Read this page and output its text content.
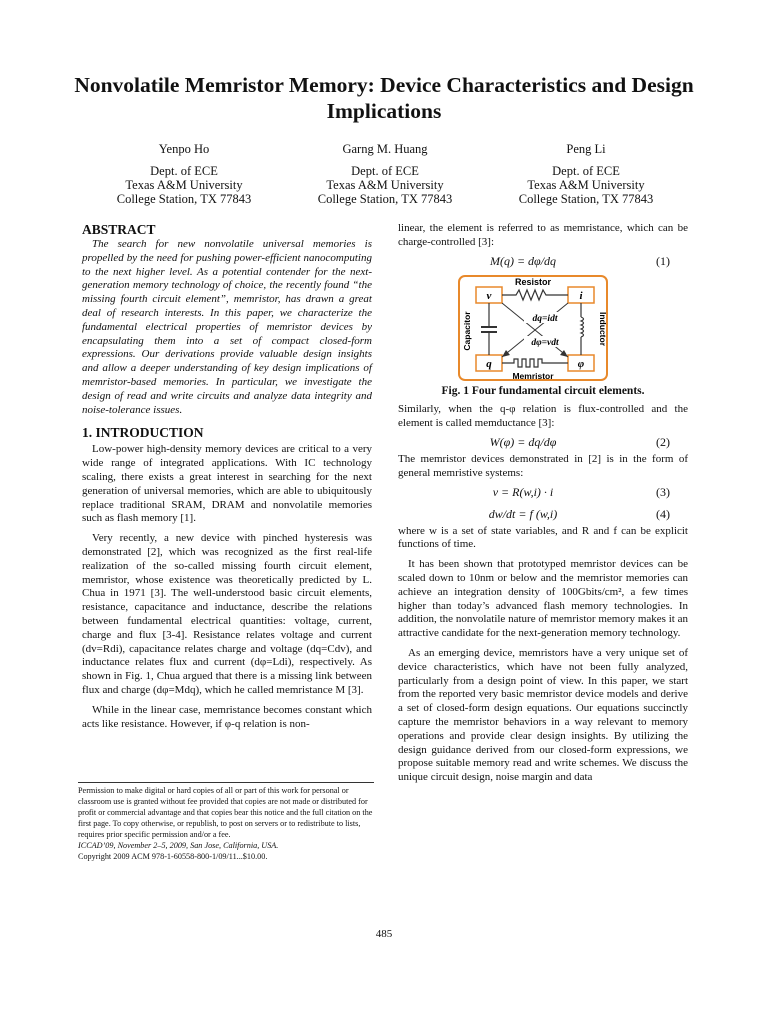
Nonvolatile Memristor Memory: Device Characteristics and Design Implications
Yenpo Ho
Dept. of ECE
Texas A&M University
College Station, TX 77843
Garng M. Huang
Dept. of ECE
Texas A&M University
College Station, TX 77843
Peng Li
Dept. of ECE
Texas A&M University
College Station, TX 77843
ABSTRACT

The search for new nonvolatile universal memories is propelled by the need for pushing power-efficient nanocomputing to the next higher level. As a potential contender for the next-generation memory technology of choice, the recently found “the missing fourth circuit element”, memristor, has drawn a great deal of research interests. In this paper, we characterize the fundamental electrical properties of memristor devices by encapsulating them into a set of compact closed-form expressions. Our derivations provide valuable design insights and allow a deeper understanding of key design implications of memristor-based memories. In particular, we investigate the design of read and write circuits and analyze data integrity and noise-tolerance issues.

1. INTRODUCTION

Low-power high-density memory devices are critical to a very wide range of integrated applications. With IC technology scaling, there exists a great interest in searching for the next generation of universal memories, which are able to ubiquitously replace traditional SRAM, DRAM and nonvolatile memories such as flash memory [1].

Very recently, a new device with pinched hysteresis was demonstrated [2], which was recognized as the first real-life realization of the so-called missing fourth circuit element, memristor, whose existence was theoretically predicted by L. Chua in 1971 [3]. The well-understood basic circuit elements, resistance, capacitance and inductance, describe the relations between fundamental electrical quantities: voltage, current, charge and flux [3-4]. Resistance relates voltage and current (dv=Rdi), capacitance relates charge and voltage (dq=Cdv), and inductance relates flux and current (dφ=Ldi), respectively. As shown in Fig. 1, Chua argued that there is a missing link between flux and charge (dφ=Mdq), which he called memristance M [3].

While in the linear case, memristance becomes constant which acts like resistance. However, if φ-q relation is non-

Permission to make digital or hard copies of all or part of this work for personal or classroom use is granted without fee provided that copies are not made or distributed for profit or commercial advantage and that copies bear this notice and the full citation on the first page. To copy otherwise, or republish, to post on servers or to redistribute to lists, requires prior specific permission and/or a fee.

ICCAD’09, November 2–5, 2009, San Jose, California, USA.

Copyright 2009 ACM 978-1-60558-800-1/09/11...$10.00.

linear, the element is referred to as memristance, which can be charge-controlled [3]:

M(q) = dφ/dq	(1)
Resistor
v	i
q	φ
Memristor
Capacitor	Inductor
dq=idt
dφ=vdt
Fig. 1 Four fundamental circuit elements.

Similarly, when the q-φ relation is flux-controlled and the element is called memductance [3]:

W(φ) = dq/dφ	(2)

The memristor devices demonstrated in [2] is in the form of general memristive systems:

v = R(w,i) · i	(3)
dw/dt = f (w,i)	(4)

where w is a set of state variables, and R and f can be explicit functions of time.

It has been shown that prototyped memristor devices can be scaled down to 10nm or below and the memristor memories can achieve an integration density of 100Gbits/cm², a few times higher than today’s advanced flash memory technologies. In addition, the nonvolatile nature of memristor memory makes it an attractive candidate for the next-generation memory technology.

As an emerging device, memristors have a very unique set of device characteristics, which have not been fully analyzed, particularly from a design point of view. In this paper, we start from the reported very basic memristor device models and derive a set of closed-form design equations. Our equations succinctly capture the memristor behaviors in a way relevant to memory operations and provide clear design insights. By utilizing the design guidance derived from our closed-form expressions, we propose suitable memory read and write schemes. We discuss the unique circuit design, noise margin and data

485
